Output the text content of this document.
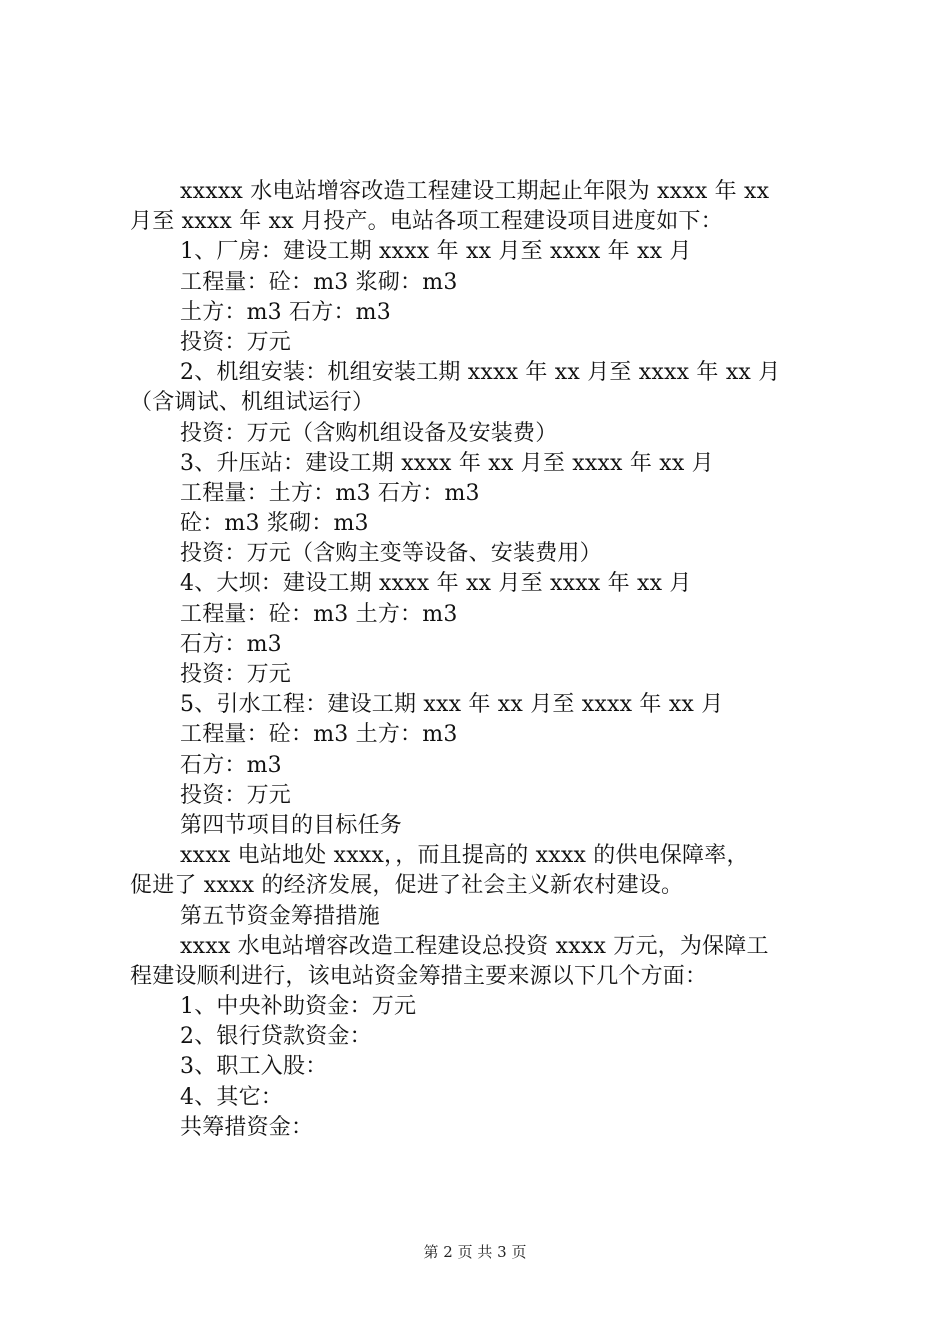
xxxxx 水电站增容改造工程建设工期起止年限为 xxxx 年 xx
月至 xxxx 年 xx 月投产。电站各项工程建设项目进度如下：
1、厂房：建设工期 xxxx 年 xx 月至 xxxx 年 xx 月
工程量：砼：m3 浆砌：m3
土方：m3 石方：m3
投资：万元
2、机组安装：机组安装工期 xxxx 年 xx 月至 xxxx 年 xx 月
（含调试、机组试运行）
投资：万元（含购机组设备及安装费）
3、升压站：建设工期 xxxx 年 xx 月至 xxxx 年 xx 月
工程量：土方：m3 石方：m3
砼：m3 浆砌：m3
投资：万元（含购主变等设备、安装费用）
4、大坝：建设工期 xxxx 年 xx 月至 xxxx 年 xx 月
工程量：砼：m3 土方：m3
石方：m3
投资：万元
5、引水工程：建设工期 xxx 年 xx 月至 xxxx 年 xx 月
工程量：砼：m3 土方：m3
石方：m3
投资：万元
第四节项目的目标任务
xxxx 电站地处 xxxx，，而且提高的 xxxx 的供电保障率，
促进了 xxxx 的经济发展，促进了社会主义新农村建设。
第五节资金筹措措施
xxxx 水电站增容改造工程建设总投资 xxxx 万元，为保障工
程建设顺利进行，该电站资金筹措主要来源以下几个方面：
1、中央补助资金：万元
2、银行贷款资金：
3、职工入股：
4、其它：
共筹措资金：
第 2 页 共 3 页
